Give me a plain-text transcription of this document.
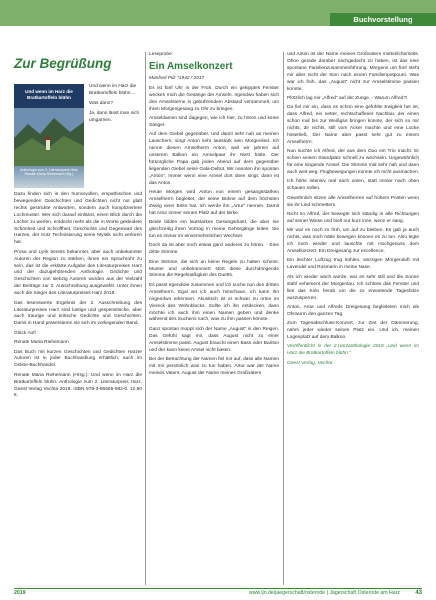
Buchvorstellung
Zur Begrüßung
Und wenn im Harz die Bratkartoffeln blühn
Anthologie zum 2. Literaturpreis Harz
Renate Maria Riehemann (Hg.)
Und wenn im Harz die Bratkartoffeln blühn ...
Was dann?
Ja, dann lässt man sich umgarnen.

Dazu finden sich in den humorvollen, empathischen und bewegenden Geschichten und Gedichten nicht nur glatt rechts gestrickte Antworten, sondern auch kompliziertere Lochmuster. Wer sich darauf einlässt, einen Blick durch die Löcher zu werfen, entdeckt mehr als die in Worte gekleidete Schönheit und Schroffheit, Geschichte und Gegenwart des Harzes, der trotz Technisierung seine Mystik nicht verloren hat.

Prosa und Lyrik bereits bekannter, aber auch unbekannter Autoren der Region zu stärken, ihnen ein Sprachrohr zu sein, das ist die erklärte Aufgabe des Literaturpreises Harz und der dazugehörenden Anthologie. Gedichte und Geschichten von siebzig Autoren wurden aus der Vielzahl der Beiträge zur 2. Ausschreibung ausgewählt. Unter ihnen auch die Sieger des Literaturpreises Harz 2018.

Das lesenswerte Ergebnis der 2. Ausschreibung des Literaturpreises Harz sind lustige und gespenstische, aber auch traurige und kritische Gedichte und Geschichten. Damit in Hand präsentieren sie sich im vorliegenden Band.

Glück Auf!

Renate Maria Riehemann

Das Buch mit kurzen Geschichten und Gedichten Harzer Autoren ist in jeder Buchhandlung erhältlich, auch im Online-Buchhandel.

Renate Maria Riehemann (Hrsg.): Und wenn im Harz die Bratkartoffeln blühn. Anthologie zum 2. Literaturpreis Harz. Geest Verlag Vechta 2018. ISBN 978-3-86685-682-0. 12,90 €.

Leseprobe:

Ein Amselkonzert

Manfred Pilz *1942 / 2017

Es ist fünf Uhr in der Früh. Durch ein gekipptes Fenster wecken mich die Gesänge der Amseln. Irgendwo haben sich drei Amselsterne in gebührendem Abstand versammelt, um ihren Morgengesang zu Ohr zu bringen.

Amseldamen sind dagegen, wie ich hier, zu hören und keine Sänger.

Auf dem Giebel gegenüber, und damit sehr nah an meinen Lauschern, singt Anton sehr lautstark sein Morgenlied. Ich nenne diesen Amselherrn Anton, weil wir jahrein auf unserem Balkon ein Amselpaar ihr Nest hatte. Der fürsorgliche Papa gab jeden Abend auf dem gegenüber liegenden Giebel seine Gala-Debüt. Wir nannten ihn spontan „Anton“. Immer wenn eine Amsel dort oben singt, dann ist das Anton.

Heute Morgen wird Anton von einem gesangsstarken Amselherrn begleitet, der seine Bühne auf dem höchsten Zweig einer Birke hat. Ich werde ihn „Artur“ nennen. Damit hat Artur immer seinen Platz auf der Birke.

Beide bilden ein lautstarkes Gesangsduett, die aber nie gleichzeitig ihren Vortrag in meine Gehörgänge leiten. Sie tun es immer im einvernehmlichen Wechsel.

Doch da ist aber noch etwas ganz anderes zu hören. - Eine dritte Stimme.

Eine Stimme, die sich an keine Regeln zu halten scheint. Munter und unbekümmert stört diese durchdringende Stimme die Regelmäßigkeit des Duetts.

Es passt irgendwie zusammen und ich suche nun den dritten Amselherrn. Egal wo ich auch hinschaue, ich kann ihn nirgendwo erkennen. Akustisch ist er schwer zu orten im Viereck des Wohnblocks. Sollte ich ihn entdecken, dann möchte ich auch ihm einen Namen geben und denke während des Suchens nach, was zu ihm passen könnte.

Ganz spontan moppt sich der Name „August“ in den Reigen. Das Gefühl sagt mir, dass August nicht zu einer Amselstimme passt. August braucht einen Bass oder Bariton und der kann keine Amsel nicht bieten.

Bei der Betrachtung der Namen fiel mir auf, dass alle Namen mit mir persönlich was zu tun haben. Artur war der Name meines Vaters, August der Name meines Großvaters

und Anton ist der Name meines Großvaters mütterlicherseits. Ohne gerade darüber nachgedacht zu haben, ist das eine spontane Familienzusammenführung. Morgens um fünf steht mir aber nicht der Sinn nach einem Familienpotpourri. Was war ich froh, das „August“ nicht zur Amselstimme passen konnte.

Plötzlich lag mir „Alfred“ auf der Zunge. - Warum Alfred?!

Da fiel mir ein, dass es schon eine gefühlte Ewigkeit her ist, dass Alfred, ein netter, rechtschaffener Nachbar, der einen schon mal bis zur Weißglut bringen konnte, der sich so mir nichts, dir nichts, still vom Acker machte und eine Lücke hinterließ. Der Name aber passt sehr gut zu einem Amselherrn.

Nun suchte ich Alfred, der aus dem Duo ein Trio macht. Er schien seinen Standplatz schnell zu wechseln. Ungewöhnlich für eine singende Amsel. Die Stimme mal sehr nah und dann auch weit weg. Flugbewegungen konnte ich nicht ausmachen.

Ich hörte intensiv mal nach unten, statt immer nach oben schauen sollen.

Gewöhnlich sitzen alle Amselherren auf hohem Posten wenn sie ihr Lied schmettern.

Nicht so Alfred, der bewegte sich ständig in alle Richtungen auf seiner Wiese und hielt nur kurz inne, wenn er sang.

Mir war es noch zu früh, um auf zu bleiben. Es gab ja auch nichts, was mich hätte bewegen können es zu tun. Also legte ich mich wieder und lauschte mit Hochgenuss dem Amselkonzert. Ein Dreigesang zur excellence.

Ein leichter Luftzug trug kühlen, würzigen Morgenduft mit Lavendel und Rosmarin in meine Nase.

Als ich wieder wach wurde, war es sehr still und die Sonne stahl vehement der Morgentau. Ich schloss das Fenster und lies das Kolo herab um die zu erwartende Tageshitze auszusperren.

Anton, Artur und Alfreds Dreigesang begleiteten mich als Ohrwurm den ganzen Tag.

Zum Tagesabschluss-Konzert, zur Zeit der Dämmerung, nahm jeder wieder seinen Platz ein. Und ich, meinen Logenplatz auf dem Balkon.

Veröffentlicht in der 2.Harzanthologie 2018 „Und wenn im Harz die Bratkartoffeln blühn.“

Geest Verlag, Vechta

2019	www.ljn.de/jaegerschaft/osterode | Jägerschaft Osterode am Harz	43
